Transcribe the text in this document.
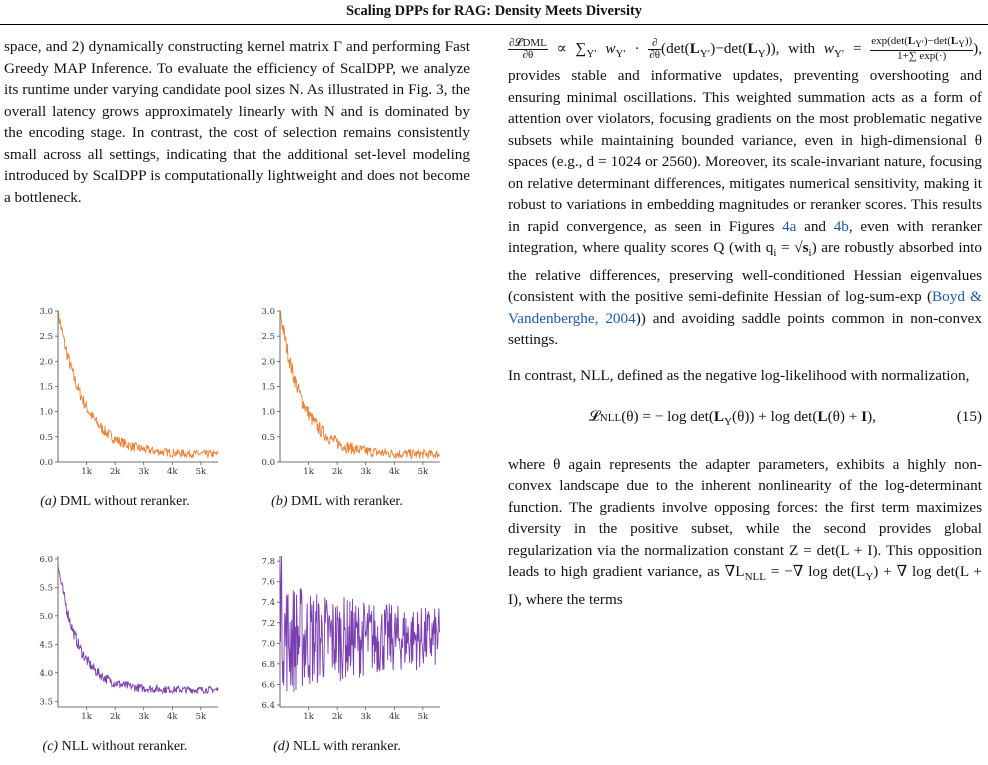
Scaling DPPs for RAG: Density Meets Diversity

space, and 2) dynamically constructing kernel matrix Γ and performing Fast Greedy MAP Inference. To evaluate the efficiency of ScalDPP, we analyze its runtime under varying candidate pool sizes N. As illustrated in Fig. 3, the overall latency grows approximately linearly with N and is dominated by the encoding stage. In contrast, the cost of selection remains consistently small across all settings, indicating that the additional set-level modeling introduced by ScalDPP is computationally lightweight and does not become a bottleneck.

0.0
0.5
1.0
1.5
2.0
2.5
3.0
1k 2k 3k 4k 5k
(a) DML without reranker.
0.0
0.5
1.0
1.5
2.0
2.5
3.0
1k 2k 3k 4k 5k
(b) DML with reranker.
3.5
4.0
4.5
5.0
5.5
6.0
1k 2k 3k 4k 5k
(c) NLL without reranker.
6.4
6.6
6.8
7.0
7.2
7.4
7.6
7.8
1k 2k 3k 4k 5k
(d) NLL with reranker.

$\frac{\text{∂𝓛DML}}{\partial\theta} \propto \sum_{Y'}$ $w_{Y'} \cdot \frac{\partial}{\partial\theta} (\det(L_{Y'})-\det(L_Y))$, with $w_{Y'} = \frac{\exp(\det(L_{Y'})-\det(L_Y))}{1+\sum \exp(\cdot)}$ ), provides stable and informative updates, preventing overshooting and ensuring minimal oscillations. This weighted summation acts as a form of attention over violators, focusing gradients on the most problematic negative subsets while maintaining bounded variance, even in high-dimensional θ spaces (e.g., d = 1024 or 2560). Moreover, its scale-invariant nature, focusing on relative determinant differences, mitigates numerical sensitivity, making it robust to variations in embedding magnitudes or reranker scores. This results in rapid convergence, as seen in Figures 4a and 4b, even with reranker integration, where quality scores Q (with $q_i = √s_i$) are robustly absorbed into the relative differences, preserving well-conditioned Hessian eigenvalues (consistent with the positive semi-definite Hessian of log-sum-exp (Boyd & Vandenberghe, 2004)) and avoiding saddle points common in non-convex settings.

In contrast, NLL, defined as the negative log-likelihood with normalization,

𝓛NLL(θ) = − $\log \det(L_Y(\theta)) + \log \det(L(\theta) + I)$,	(15)

where θ again represents the adapter parameters, exhibits a highly non-convex landscape due to the inherent nonlinearity of the log-determinant function. The gradients involve opposing forces: the first term maximizes diversity in the positive subset, while the second provides global regularization via the normalization constant Z = det(L + I). This opposition leads to high gradient variance, as $\nabla L_{NLL}$ = −∇ $\log \det(L_Y)$ + ∇ log det(L + I), where the terms
